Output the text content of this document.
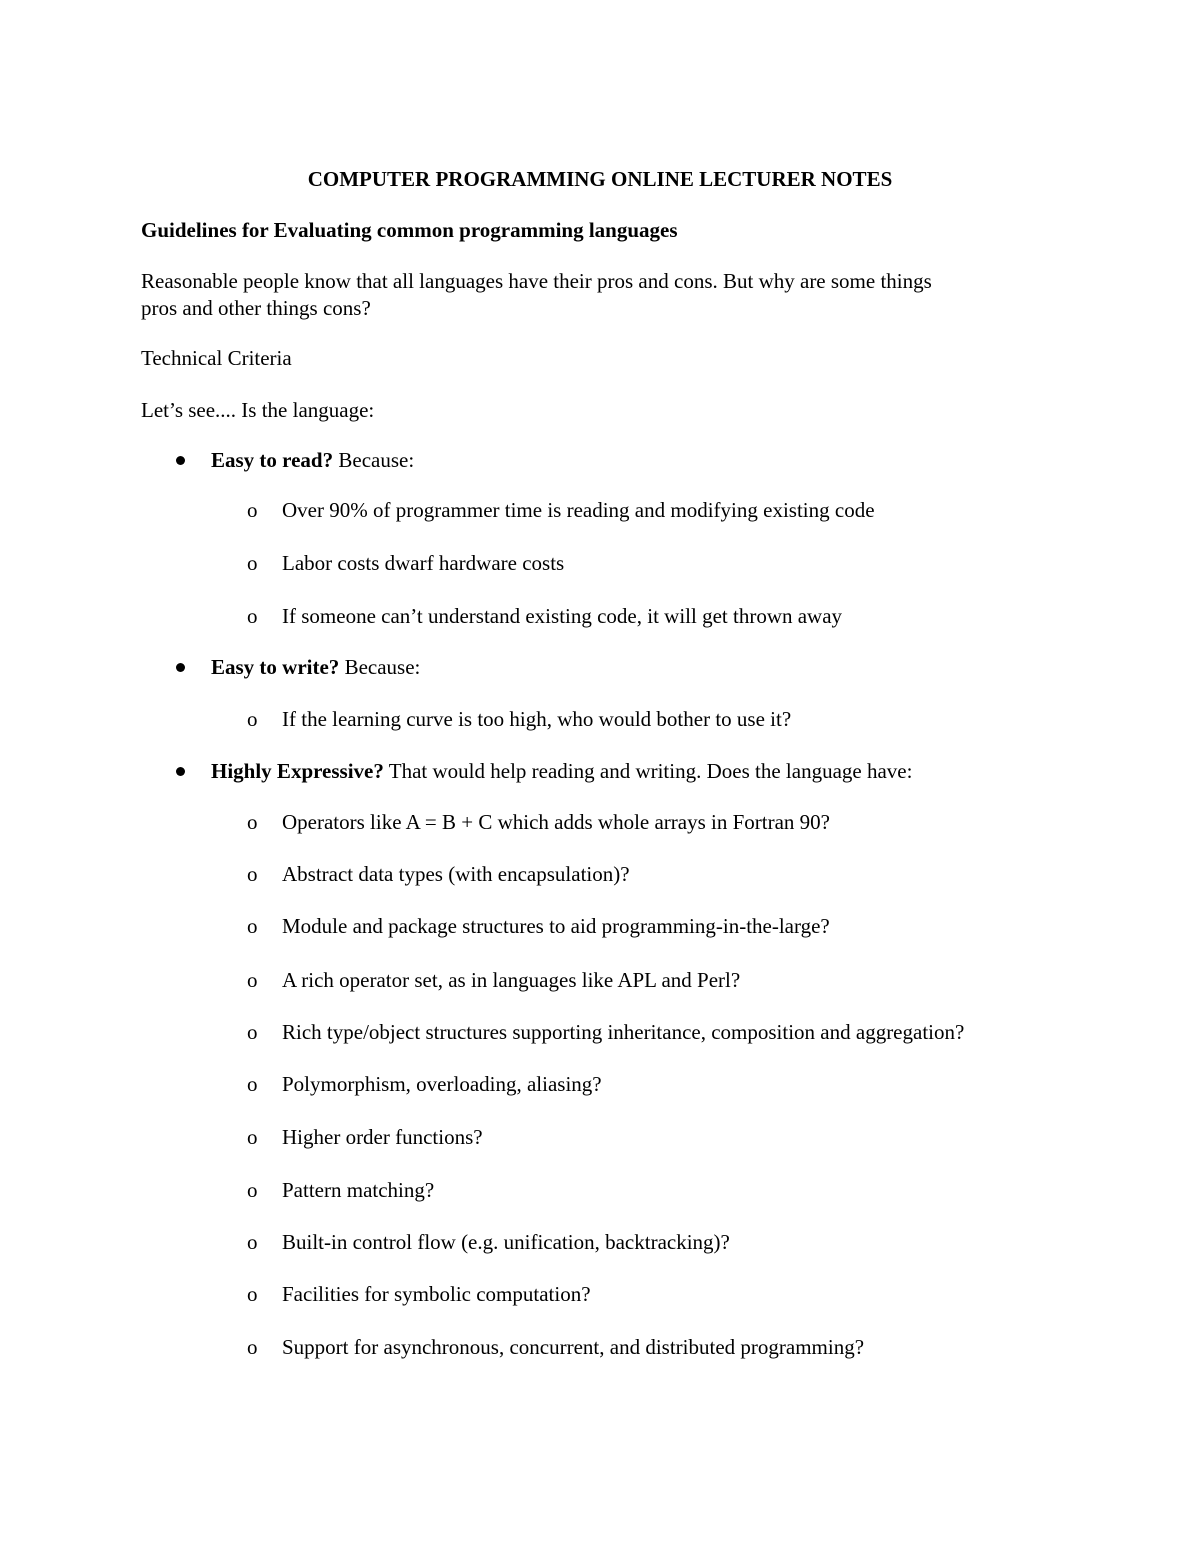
COMPUTER PROGRAMMING ONLINE LECTURER NOTES
Guidelines for Evaluating common programming languages
Reasonable people know that all languages have their pros and cons. But why are some things
pros and other things cons?
Technical Criteria
Let’s see.... Is the language:
Easy to read? Because:
o Over 90% of programmer time is reading and modifying existing code
o Labor costs dwarf hardware costs
o If someone can’t understand existing code, it will get thrown away
Easy to write? Because:
o If the learning curve is too high, who would bother to use it?
Highly Expressive? That would help reading and writing. Does the language have:
o Operators like A = B + C which adds whole arrays in Fortran 90?
o Abstract data types (with encapsulation)?
o Module and package structures to aid programming-in-the-large?
o A rich operator set, as in languages like APL and Perl?
o Rich type/object structures supporting inheritance, composition and aggregation?
o Polymorphism, overloading, aliasing?
o Higher order functions?
o Pattern matching?
o Built-in control flow (e.g. unification, backtracking)?
o Facilities for symbolic computation?
o Support for asynchronous, concurrent, and distributed programming?
